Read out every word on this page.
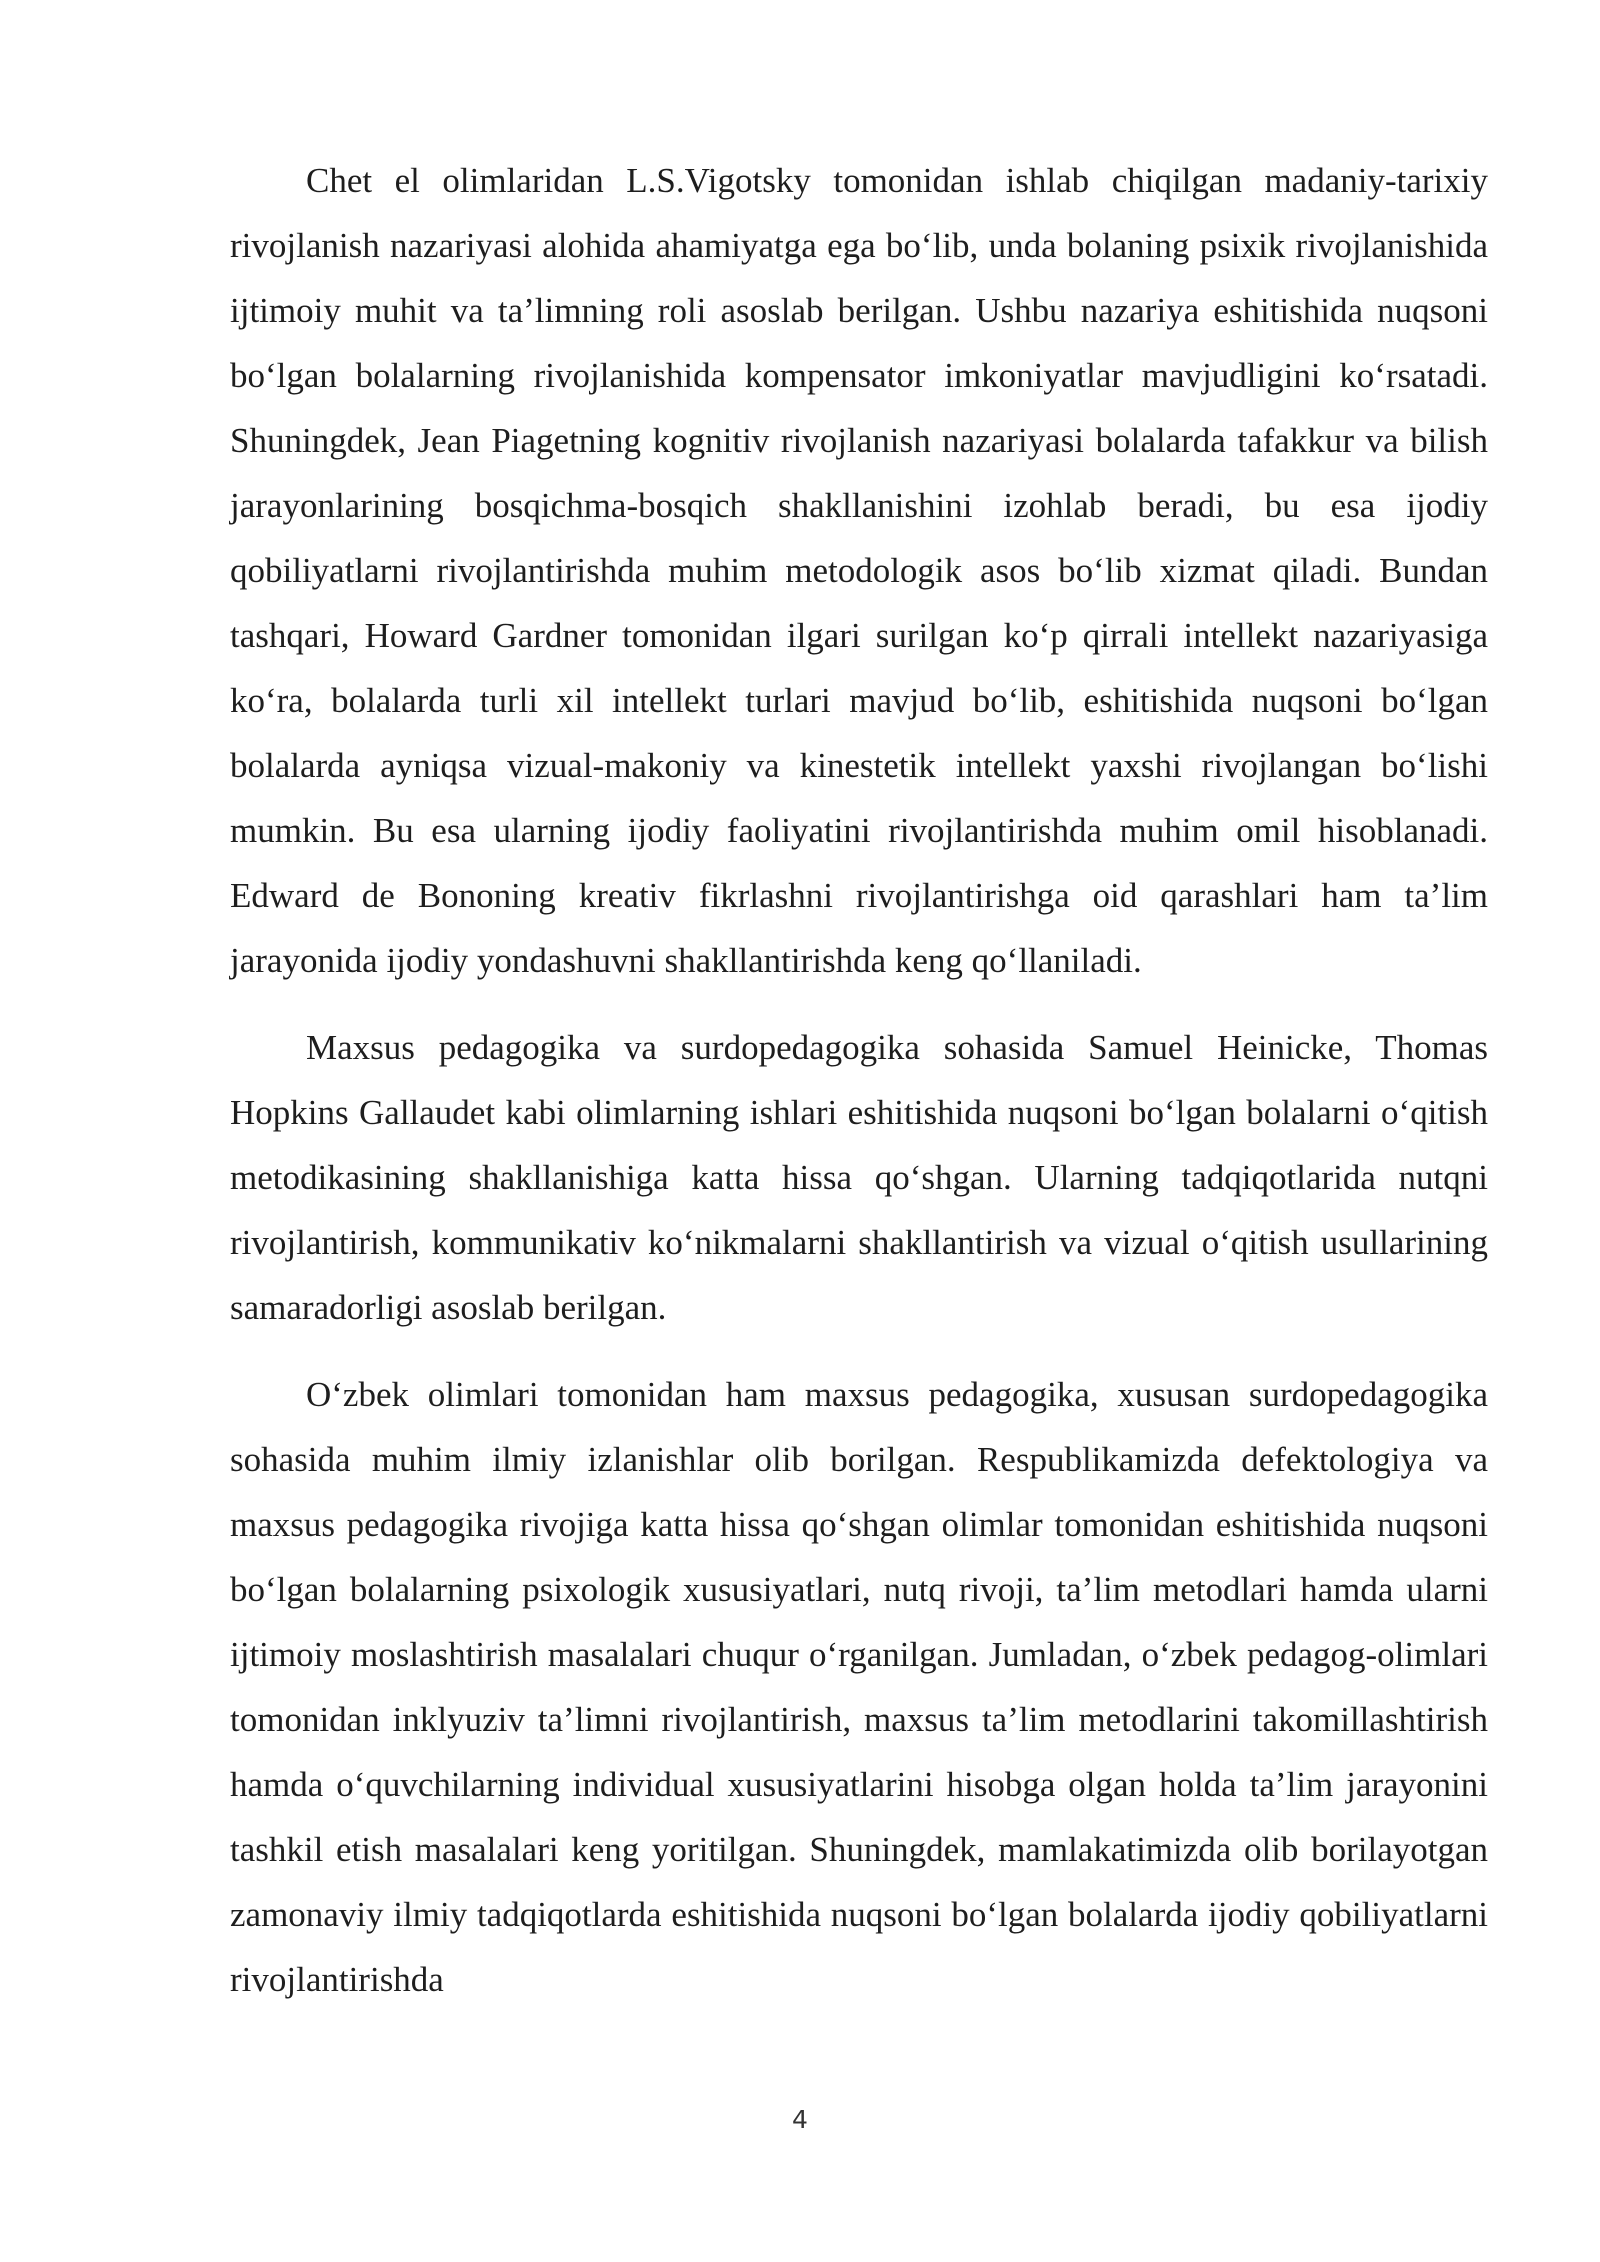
Chet el olimlaridan L.S.Vigotsky tomonidan ishlab chiqilgan madaniy-tarixiy rivojlanish nazariyasi alohida ahamiyatga ega bo‘lib, unda bolaning psixik rivojlanishida ijtimoiy muhit va ta’limning roli asoslab berilgan. Ushbu nazariya eshitishida nuqsoni bo‘lgan bolalarning rivojlanishida kompensator imkoniyatlar mavjudligini ko‘rsatadi. Shuningdek, Jean Piagetning kognitiv rivojlanish nazariyasi bolalarda tafakkur va bilish jarayonlarining bosqichma-bosqich shakllanishini izohlab beradi, bu esa ijodiy qobiliyatlarni rivojlantirishda muhim metodologik asos bo‘lib xizmat qiladi. Bundan tashqari, Howard Gardner tomonidan ilgari surilgan ko‘p qirrali intellekt nazariyasiga ko‘ra, bolalarda turli xil intellekt turlari mavjud bo‘lib, eshitishida nuqsoni bo‘lgan bolalarda ayniqsa vizual-makoniy va kinestetik intellekt yaxshi rivojlangan bo‘lishi mumkin. Bu esa ularning ijodiy faoliyatini rivojlantirishda muhim omil hisoblanadi. Edward de Bononing kreativ fikrlashni rivojlantirishga oid qarashlari ham ta’lim jarayonida ijodiy yondashuvni shakllantirishda keng qo‘llaniladi.

Maxsus pedagogika va surdopedagogika sohasida Samuel Heinicke, Thomas Hopkins Gallaudet kabi olimlarning ishlari eshitishida nuqsoni bo‘lgan bolalarni o‘qitish metodikasining shakllanishiga katta hissa qo‘shgan. Ularning tadqiqotlarida nutqni rivojlantirish, kommunikativ ko‘nikmalarni shakllantirish va vizual o‘qitish usullarining samaradorligi asoslab berilgan.

O‘zbek olimlari tomonidan ham maxsus pedagogika, xususan surdopedagogika sohasida muhim ilmiy izlanishlar olib borilgan. Respublikamizda defektologiya va maxsus pedagogika rivojiga katta hissa qo‘shgan olimlar tomonidan eshitishida nuqsoni bo‘lgan bolalarning psixologik xususiyatlari, nutq rivoji, ta’lim metodlari hamda ularni ijtimoiy moslashtirish masalalari chuqur o‘rganilgan. Jumladan, o‘zbek pedagog-olimlari tomonidan inklyuziv ta’limni rivojlantirish, maxsus ta’lim metodlarini takomillashtirish hamda o‘quvchilarning individual xususiyatlarini hisobga olgan holda ta’lim jarayonini tashkil etish masalalari keng yoritilgan. Shuningdek, mamlakatimizda olib borilayotgan zamonaviy ilmiy tadqiqotlarda eshitishida nuqsoni bo‘lgan bolalarda ijodiy qobiliyatlarni rivojlantirishda

4
